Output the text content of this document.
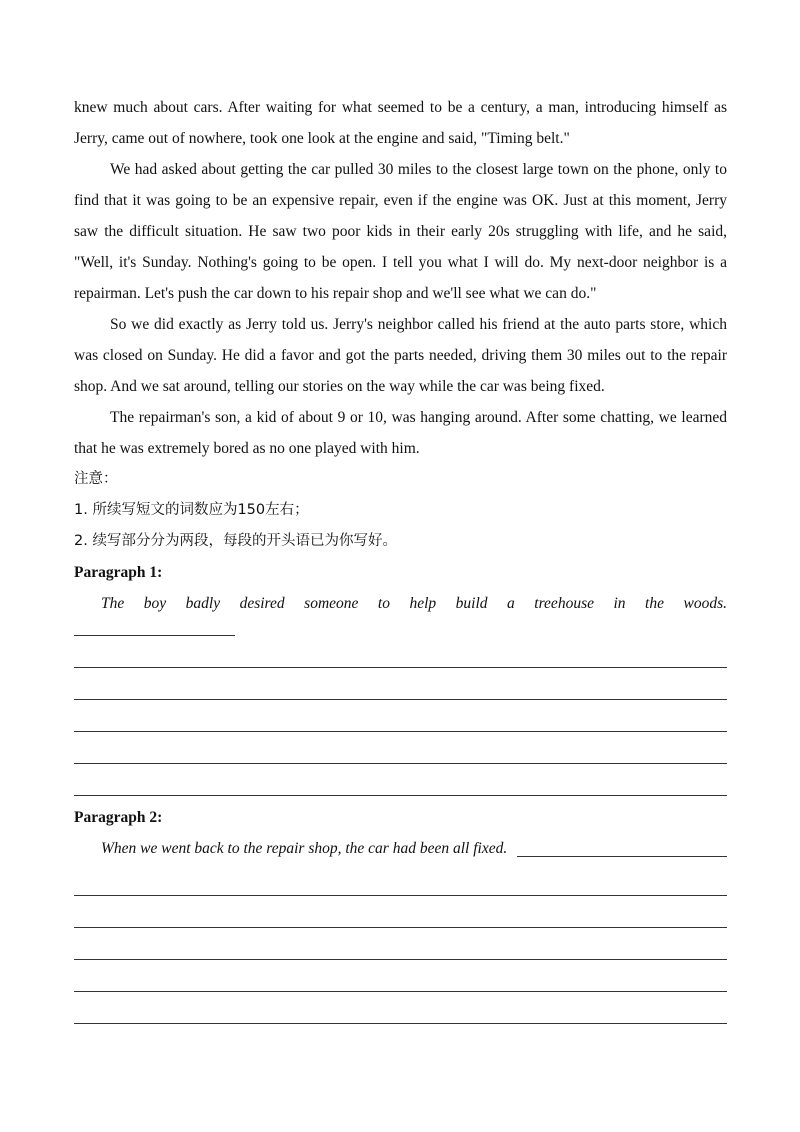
knew much about cars. After waiting for what seemed to be a century, a man, introducing himself as Jerry, came out of nowhere, took one look at the engine and said, "Timing belt."

We had asked about getting the car pulled 30 miles to the closest large town on the phone, only to find that it was going to be an expensive repair, even if the engine was OK. Just at this moment, Jerry saw the difficult situation. He saw two poor kids in their early 20s struggling with life, and he said, "Well, it's Sunday. Nothing's going to be open. I tell you what I will do. My next-door neighbor is a repairman. Let's push the car down to his repair shop and we'll see what we can do."

So we did exactly as Jerry told us. Jerry's neighbor called his friend at the auto parts store, which was closed on Sunday. He did a favor and got the parts needed, driving them 30 miles out to the repair shop. And we sat around, telling our stories on the way while the car was being fixed.

The repairman's son, a kid of about 9 or 10, was hanging around. After some chatting, we learned that he was extremely bored as no one played with him.

注意：

1. 所续写短文的词数应为150左右；

2. 续写部分分为两段，每段的开头语已为你写好。

Paragraph 1:

The boy badly desired someone to help build a treehouse in the woods.

Paragraph 2:

When we went back to the repair shop, the car had been all fixed.
